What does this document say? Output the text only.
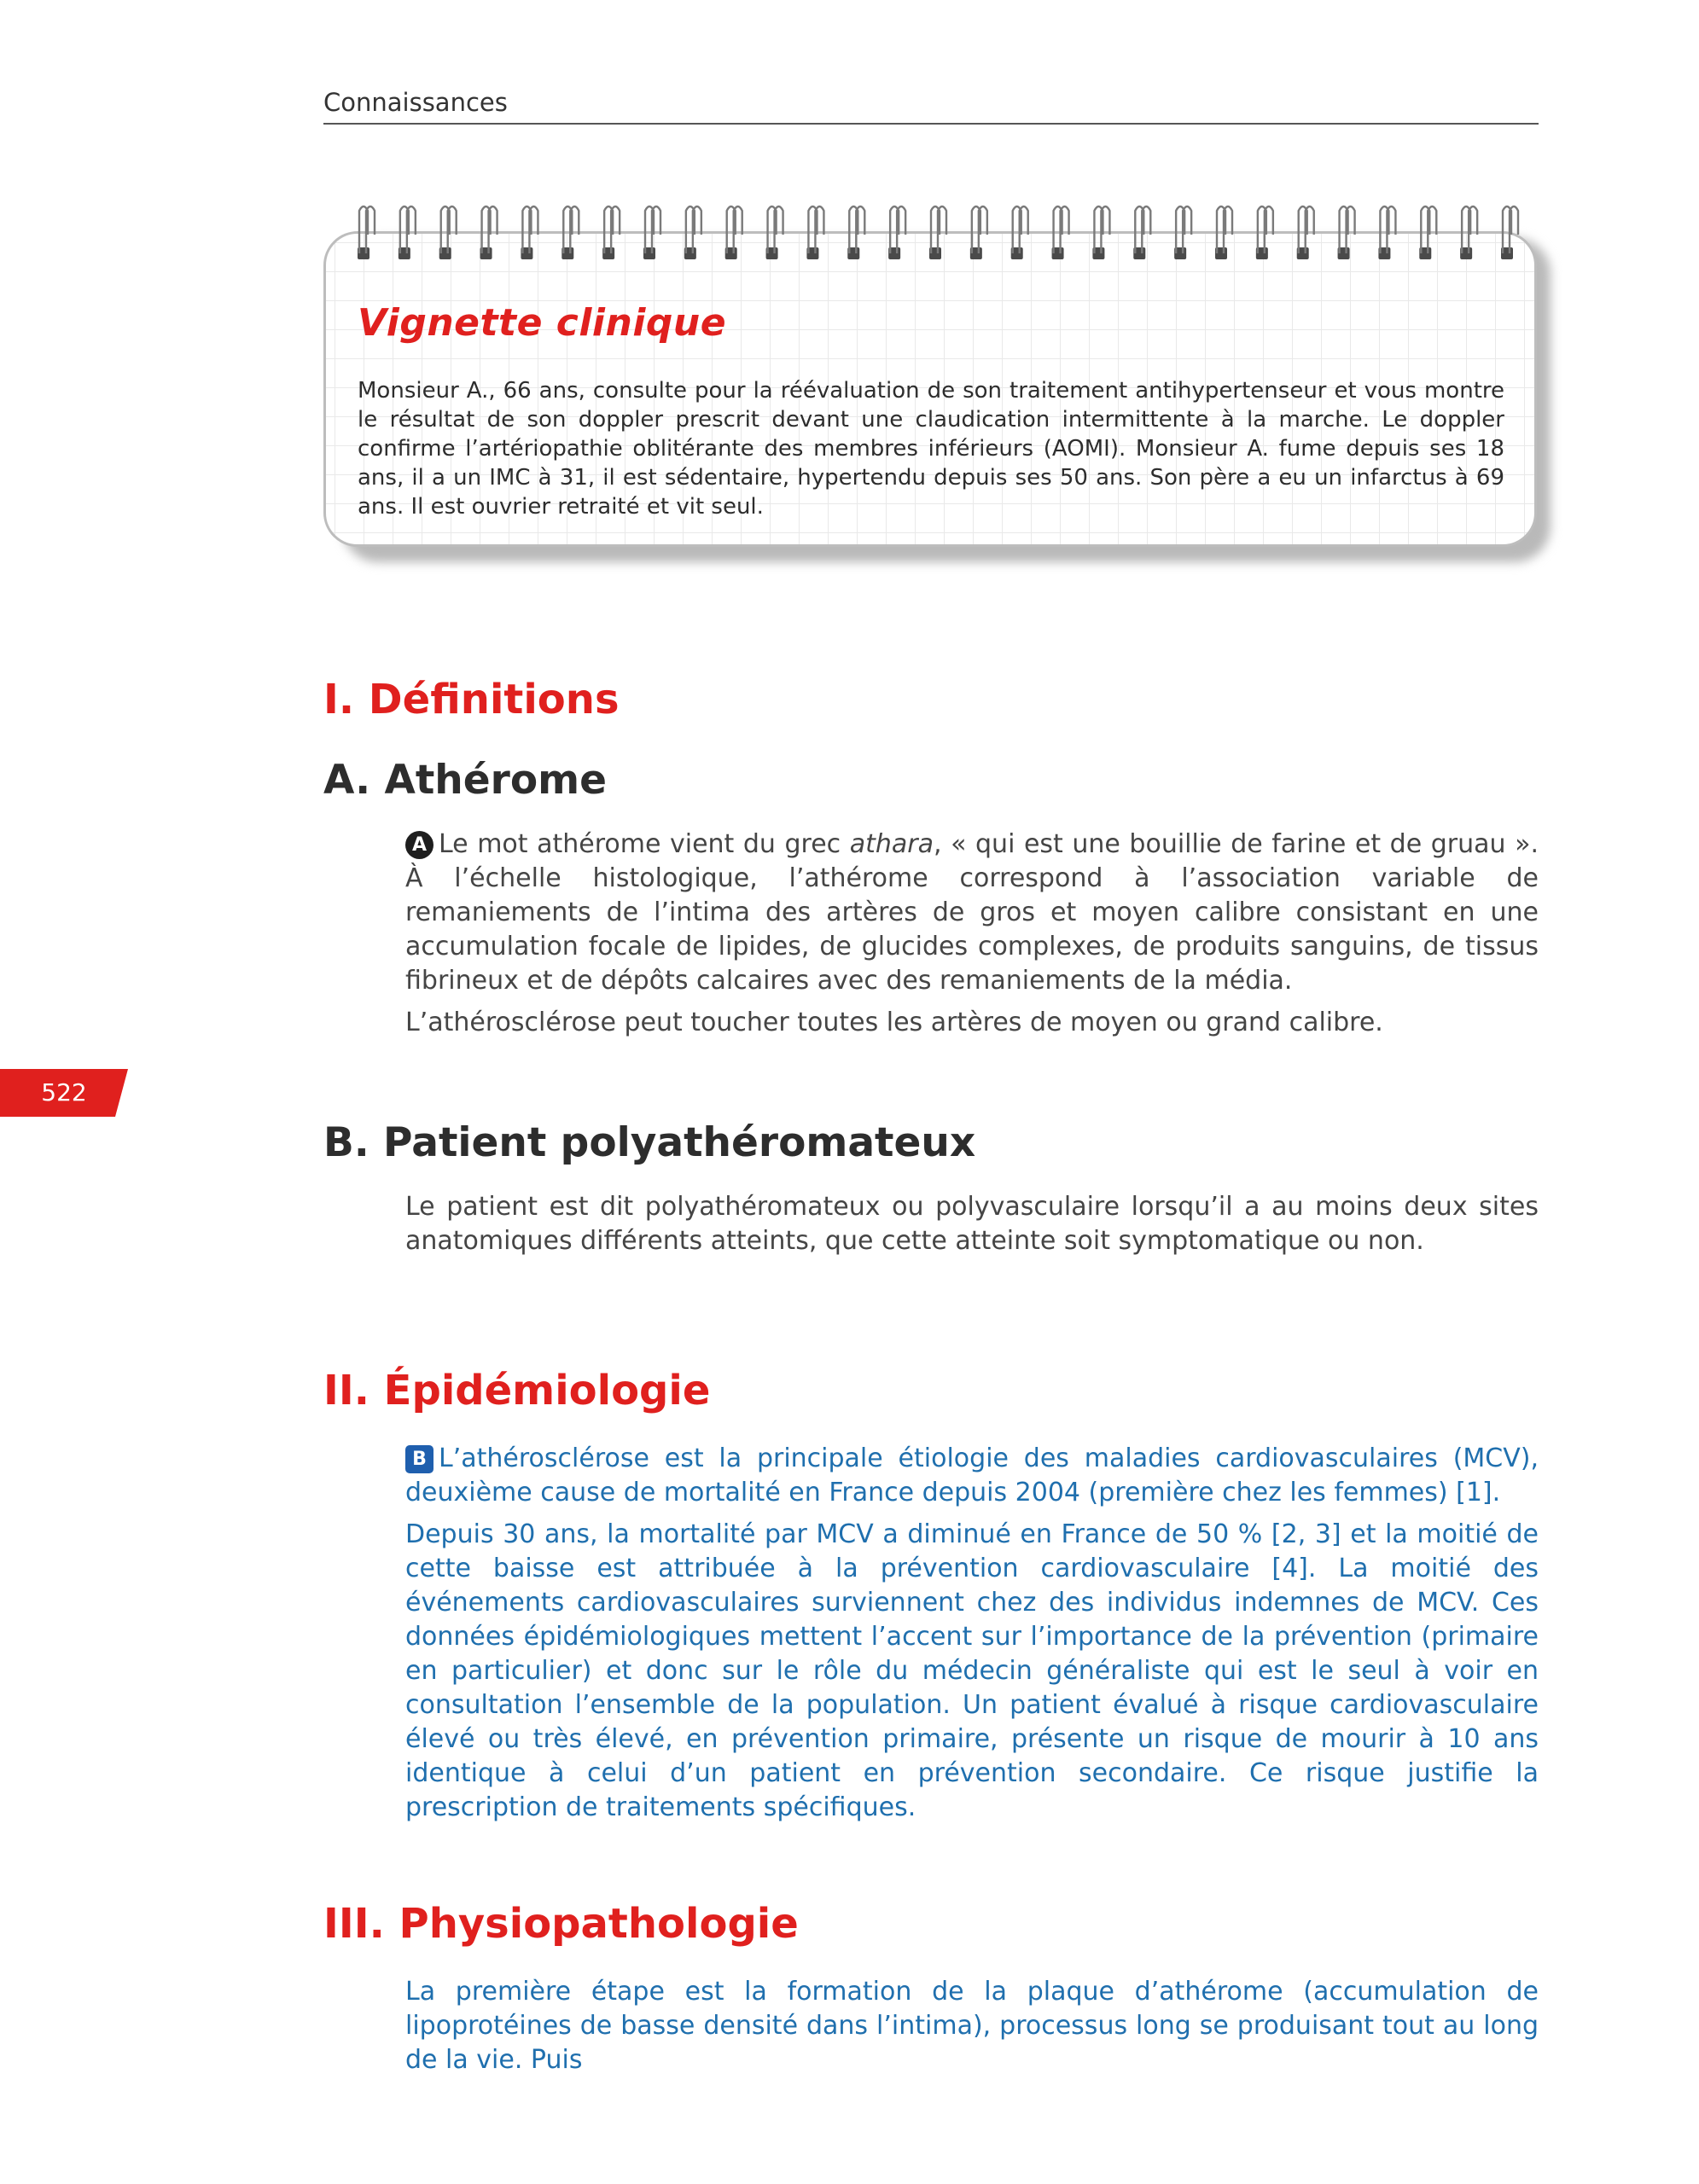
Connaissances
Vignette clinique
Monsieur A., 66 ans, consulte pour la réévaluation de son traitement antihypertenseur et vous montre le résultat de son doppler prescrit devant une claudication intermittente à la marche. Le doppler confirme l’artériopathie oblitérante des membres inférieurs (AOMI). Monsieur A. fume depuis ses 18 ans, il a un IMC à 31, il est sédentaire, hypertendu depuis ses 50 ans. Son père a eu un infarctus à 69 ans. Il est ouvrier retraité et vit seul.
I. Définitions
A. Athérome

A Le mot athérome vient du grec athara, « qui est une bouillie de farine et de gruau ». À l’échelle histologique, l’athérome correspond à l’association variable de remaniements de l’intima des artères de gros et moyen calibre consistant en une accumulation focale de lipides, de glucides complexes, de produits sanguins, de tissus fibrineux et de dépôts calcaires avec des remaniements de la média.

L’athérosclérose peut toucher toutes les artères de moyen ou grand calibre.

522
B. Patient polyathéromateux

Le patient est dit polyathéromateux ou polyvasculaire lorsqu’il a au moins deux sites anatomiques différents atteints, que cette atteinte soit symptomatique ou non.

II. Épidémiologie

B L’athérosclérose est la principale étiologie des maladies cardiovasculaires (MCV), deuxième cause de mortalité en France depuis 2004 (première chez les femmes) [1].

Depuis 30 ans, la mortalité par MCV a diminué en France de 50 % [2, 3] et la moitié de cette baisse est attribuée à la prévention cardiovasculaire [4]. La moitié des événements cardiovasculaires surviennent chez des individus indemnes de MCV. Ces données épidémiologiques mettent l’accent sur l’importance de la prévention (primaire en particulier) et donc sur le rôle du médecin généraliste qui est le seul à voir en consultation l’ensemble de la population. Un patient évalué à risque cardiovasculaire élevé ou très élevé, en prévention primaire, présente un risque de mourir à 10 ans identique à celui d’un patient en prévention secondaire. Ce risque justifie la prescription de traitements spécifiques.

III. Physiopathologie

La première étape est la formation de la plaque d’athérome (accumulation de lipoprotéines de basse densité dans l’intima), processus long se produisant tout au long de la vie. Puis
